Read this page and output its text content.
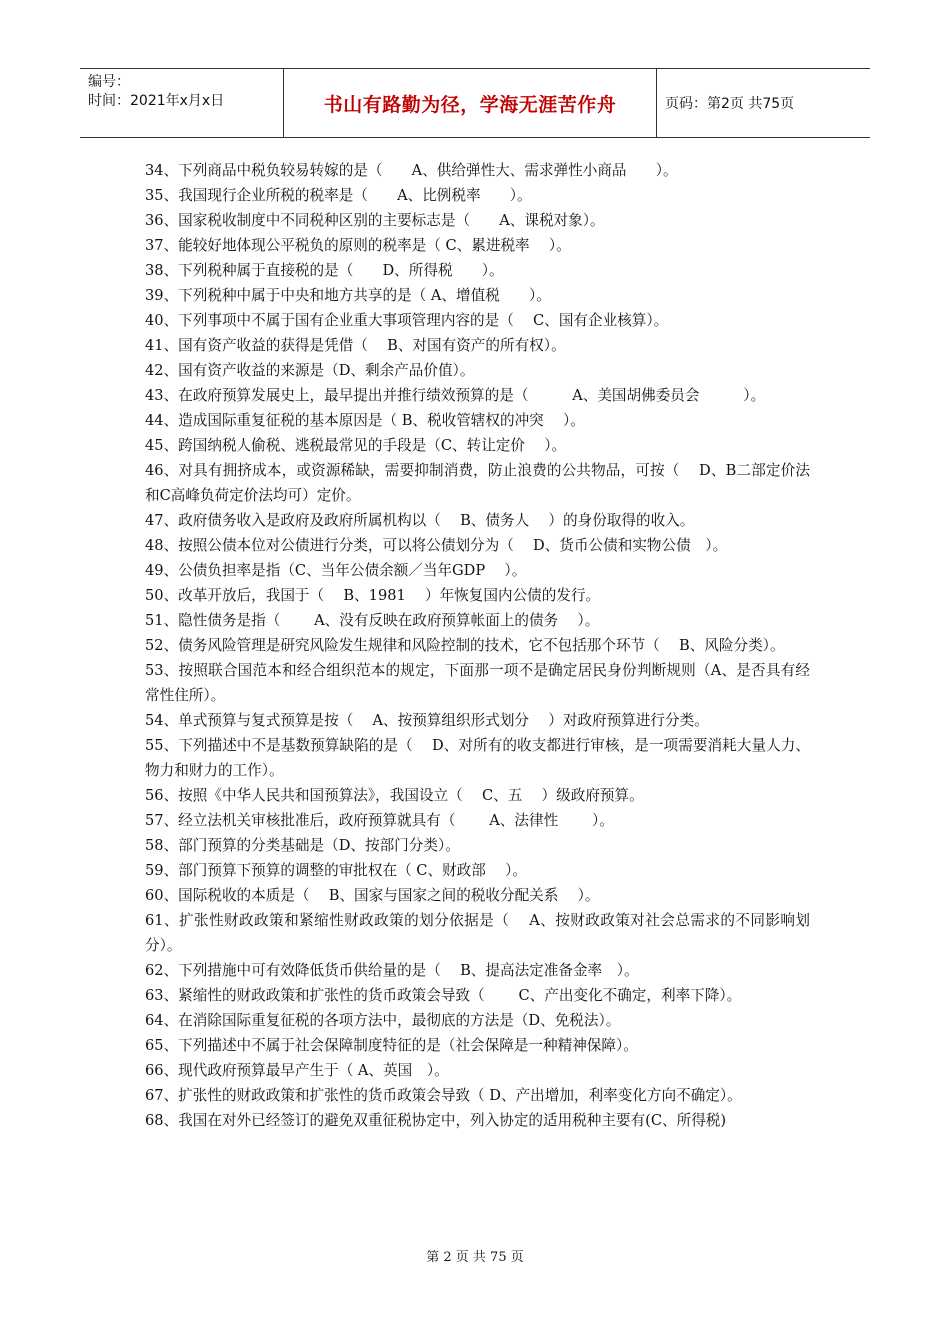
编号：
时间：2021年x月x日	书山有路勤为径，学海无涯苦作舟	页码：第2页 共75页

34、下列商品中税负较易转嫁的是（　　A、供给弹性大、需求弹性小商品　　）。

35、我国现行企业所税的税率是（　　A、比例税率　　）。

36、国家税收制度中不同税种区别的主要标志是（　　A、课税对象）。

37、能较好地体现公平税负的原则的税率是（ C、累进税率　 ）。

38、下列税种属于直接税的是（　　D、所得税　　）。

39、下列税种中属于中央和地方共享的是（ A、增值税　　）。

40、下列事项中不属于国有企业重大事项管理内容的是（　 C、国有企业核算）。

41、国有资产收益的获得是凭借（　 B、对国有资产的所有权）。

42、国有资产收益的来源是（D、剩余产品价值）。

43、在政府预算发展史上，最早提出并推行绩效预算的是（　　　A、美国胡佛委员会　　　）。

44、造成国际重复征税的基本原因是（ B、税收管辖权的冲突　 ）。

45、跨国纳税人偷税、逃税最常见的手段是（C、转让定价　 ）。

46、对具有拥挤成本，或资源稀缺，需要抑制消费，防止浪费的公共物品，可按（　 D、B二部定价法和C高峰负荷定价法均可）定价。

47、政府债务收入是政府及政府所属机构以（　 B、债务人　 ）的身份取得的收入。

48、按照公债本位对公债进行分类，可以将公债划分为（　 D、货币公债和实物公债　）。

49、公债负担率是指（C、当年公债余额／当年GDP　 ）。

50、改革开放后，我国于（　 B、1981　 ）年恢复国内公债的发行。

51、隐性债务是指（　　 A、没有反映在政府预算帐面上的债务　 ）。

52、债务风险管理是研究风险发生规律和风险控制的技术，它不包括那个环节（　 B、风险分类）。

53、按照联合国范本和经合组织范本的规定，下面那一项不是确定居民身份判断规则（A、是否具有经常性住所）。

54、单式预算与复式预算是按（　 A、按预算组织形式划分　 ）对政府预算进行分类。

55、下列描述中不是基数预算缺陷的是（　 D、对所有的收支都进行审核，是一项需要消耗大量人力、物力和财力的工作）。

56、按照《中华人民共和国预算法》，我国设立（　 C、五　 ）级政府预算。

57、经立法机关审核批准后，政府预算就具有（　　 A、法律性　　 ）。

58、部门预算的分类基础是（D、按部门分类）。

59、部门预算下预算的调整的审批权在（ C、财政部　 ）。

60、国际税收的本质是（　 B、国家与国家之间的税收分配关系　 ）。

61、扩张性财政政策和紧缩性财政政策的划分依据是（　 A、按财政政策对社会总需求的不同影响划分）。

62、下列措施中可有效降低货币供给量的是（　 B、提高法定准备金率　）。

63、紧缩性的财政政策和扩张性的货币政策会导致（　　 C、产出变化不确定，利率下降）。

64、在消除国际重复征税的各项方法中，最彻底的方法是（D、免税法）。

65、下列描述中不属于社会保障制度特征的是（社会保障是一种精神保障）。

66、现代政府预算最早产生于（ A、英国　）。

67、扩张性的财政政策和扩张性的货币政策会导致（ D、产出增加，利率变化方向不确定）。

68、我国在对外已经签订的避免双重征税协定中，列入协定的适用税种主要有(C、所得税)

第 2 页 共 75 页
